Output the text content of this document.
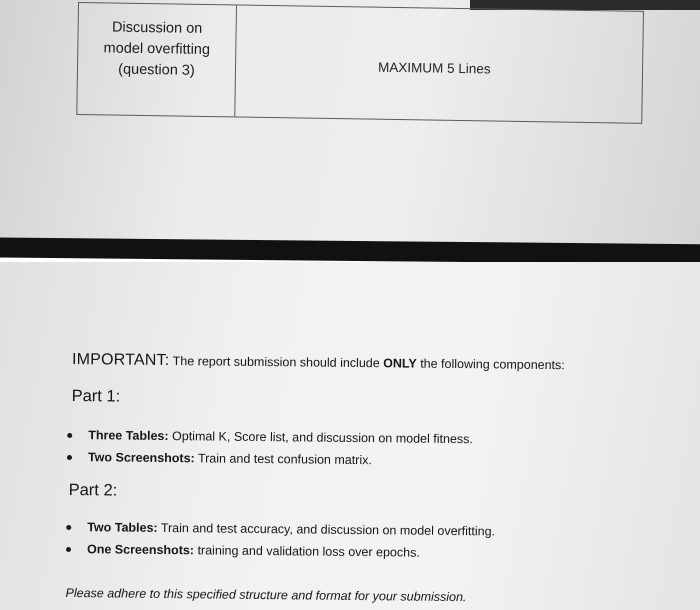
Discussion on
model overfitting
(question 3)	MAXIMUM 5 Lines
IMPORTANT: The report submission should include ONLY the following components:
Part 1:
Three Tables: Optimal K, Score list, and discussion on model fitness.
Two Screenshots: Train and test confusion matrix.
Part 2:
Two Tables: Train and test accuracy, and discussion on model overfitting.
One Screenshots: training and validation loss over epochs.
Please adhere to this specified structure and format for your submission.
